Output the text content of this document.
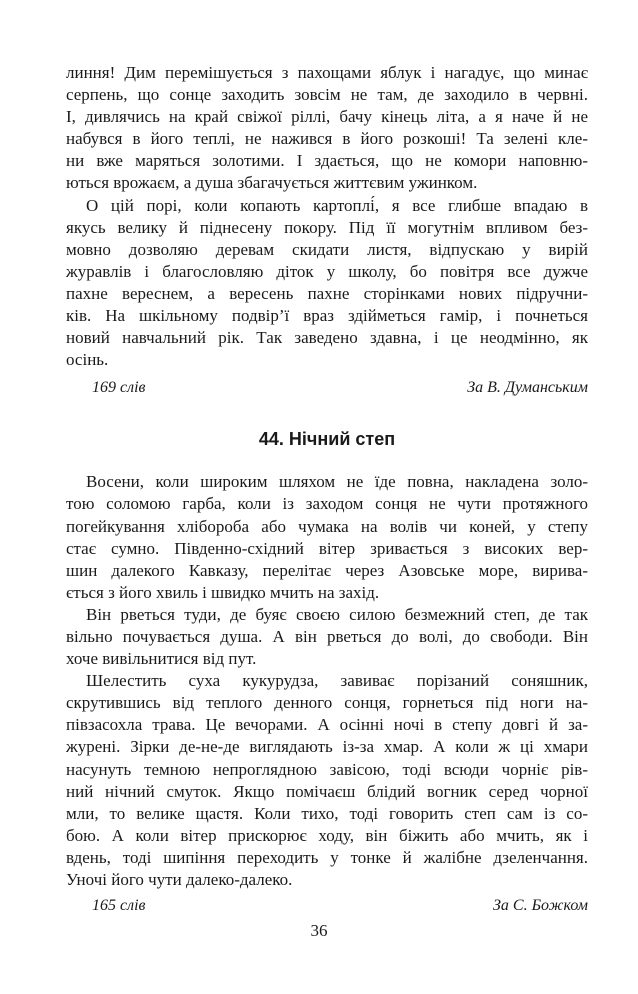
линня! Дим перемішується з пахощами яблук і нагадує, що минає
серпень, що сонце заходить зовсім не там, де заходило в червні.
І, дивлячись на край свіжої ріллі, бачу кінець літа, а я наче й не
набувся в його теплі, не нажився в його розкоші! Та зелені кле-
ни вже маряться золотими. І здається, що не комори наповню-
ються врожаєм, а душа збагачується життєвим ужинком.
О цій порі, коли копають картоплі́, я все глибше впадаю в
якусь велику й піднесену покору. Під її могутнім впливом без-
мовно дозволяю деревам скидати листя, відпускаю у вирій
журавлів і благословляю діток у школу, бо повітря все дужче
пахне вереснем, а вересень пахне сторінками нових підручни-
ків. На шкільному подвір’ї враз здійметься гамір, і почнеться
новий навчальний рік. Так заведено здавна, і це неодмінно, як
осінь.
169 слів	За В. Думанським
44. Нічний степ
Восени, коли широким шляхом не їде повна, накладена золо-
тою соломою гарба, коли із заходом сонця не чути протяжного
погейкування хлібороба або чумака на волів чи коней, у степу
стає сумно. Південно-східний вітер зривається з високих вер-
шин далекого Кавказу, перелітає через Азовське море, вирива-
ється з його хвиль і швидко мчить на захід.
Він рветься туди, де буяє своєю силою безмежний степ, де так
вільно почувається душа. А він рветься до волі, до свободи. Він
хоче вивільнитися від пут.
Шелестить суха кукурудза, завиває порізаний соняшник,
скрутившись від теплого денного сонця, горнеться під ноги на-
півзасохла трава. Це вечорами. А осінні ночі в степу довгі й за-
журені. Зірки де-не-де виглядають із-за хмар. А коли ж ці хмари
насунуть темною непроглядною завісою, тоді всюди чорніє рів-
ний нічний смуток. Якщо помічаєш блідий вогник серед чорної
мли, то велике щастя. Коли тихо, тоді говорить степ сам із со-
бою. А коли вітер прискорює ходу, він біжить або мчить, як і
вдень, тоді шипіння переходить у тонке й жалібне дзеленчання.
Уночі його чути далеко-далеко.
165 слів	За С. Божком
36
